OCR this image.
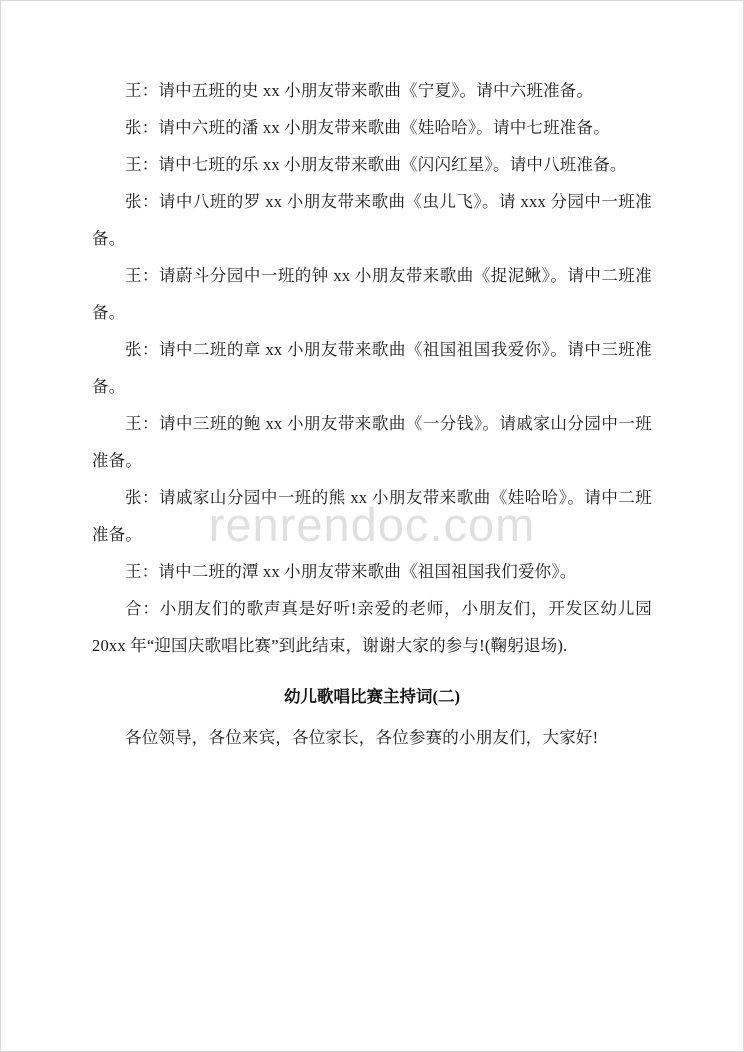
王：请中五班的史 xx 小朋友带来歌曲《宁夏》。请中六班准备。

张：请中六班的潘 xx 小朋友带来歌曲《娃哈哈》。请中七班准备。

王：请中七班的乐 xx 小朋友带来歌曲《闪闪红星》。请中八班准备。

张：请中八班的罗 xx 小朋友带来歌曲《虫儿飞》。请 xxx 分园中一班准备。

王：请蔚斗分园中一班的钟 xx 小朋友带来歌曲《捉泥鳅》。请中二班准备。

张：请中二班的章 xx 小朋友带来歌曲《祖国祖国我爱你》。请中三班准备。

王：请中三班的鲍 xx 小朋友带来歌曲《一分钱》。请戚家山分园中一班准备。

张：请戚家山分园中一班的熊 xx 小朋友带来歌曲《娃哈哈》。请中二班准备。

王：请中二班的潭 xx 小朋友带来歌曲《祖国祖国我们爱你》。

合：小朋友们的歌声真是好听!亲爱的老师，小朋友们，开发区幼儿园 20xx 年“迎国庆歌唱比赛”到此结束，谢谢大家的参与!(鞠躬退场).

幼儿歌唱比赛主持词(二)

各位领导，各位来宾，各位家长，各位参赛的小朋友们，大家好!

renrendoc.com
